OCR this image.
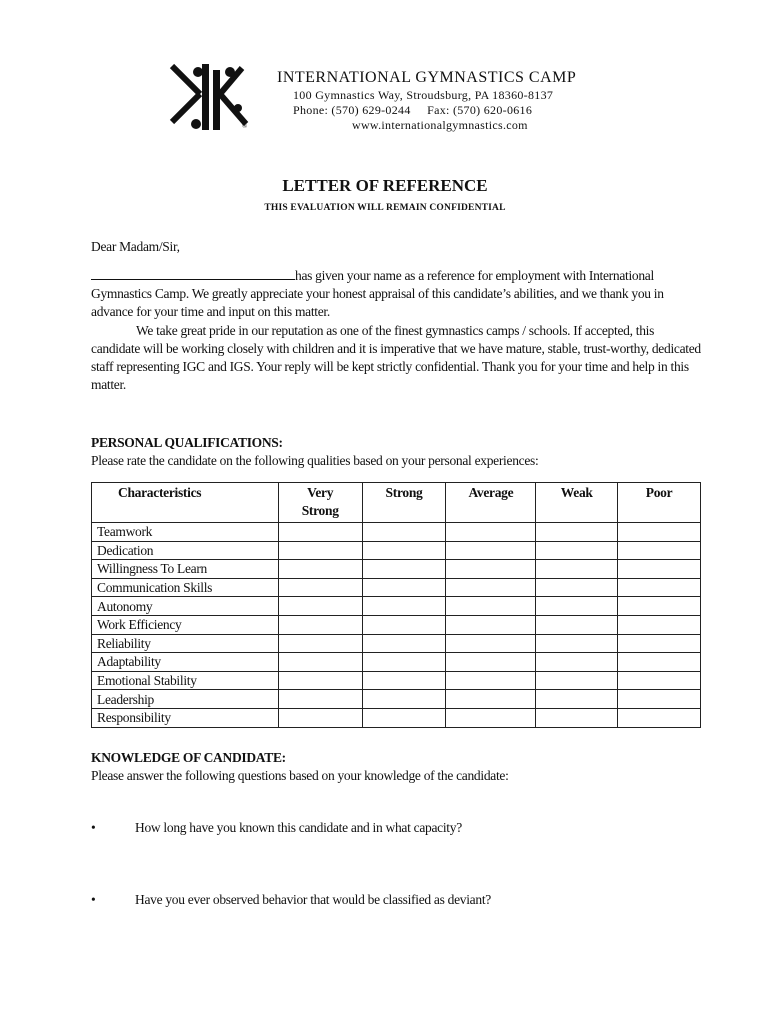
®
INTERNATIONAL GYMNASTICS CAMP
100 Gymnastics Way, Stroudsburg, PA 18360-8137
Phone: (570) 629-0244     Fax: (570) 620-0616
www.internationalgymnastics.com
LETTER OF REFERENCE
THIS EVALUATION WILL REMAIN CONFIDENTIAL
Dear Madam/Sir,
has given your name as a reference for employment with International Gymnastics Camp. We greatly appreciate your honest appraisal of this candidate’s abilities, and we thank you in advance for your time and input on this matter.
We take great pride in our reputation as one of the finest gymnastics camps / schools. If accepted, this candidate will be working closely with children and it is imperative that we have mature, stable, trust-worthy, dedicated staff representing IGC and IGS. Your reply will be kept strictly confidential. Thank you for your time and help in this matter.
PERSONAL QUALIFICATIONS:
Please rate the candidate on the following qualities based on your personal experiences:
Characteristics	Very Strong	Strong	Average	Weak	Poor
Teamwork					
Dedication					
Willingness To Learn					
Communication Skills					
Autonomy					
Work Efficiency					
Reliability					
Adaptability					
Emotional Stability					
Leadership					
Responsibility					
KNOWLEDGE OF CANDIDATE:
Please answer the following questions based on your knowledge of the candidate:
•	How long have you known this candidate and in what capacity?
•	Have you ever observed behavior that would be classified as deviant?
